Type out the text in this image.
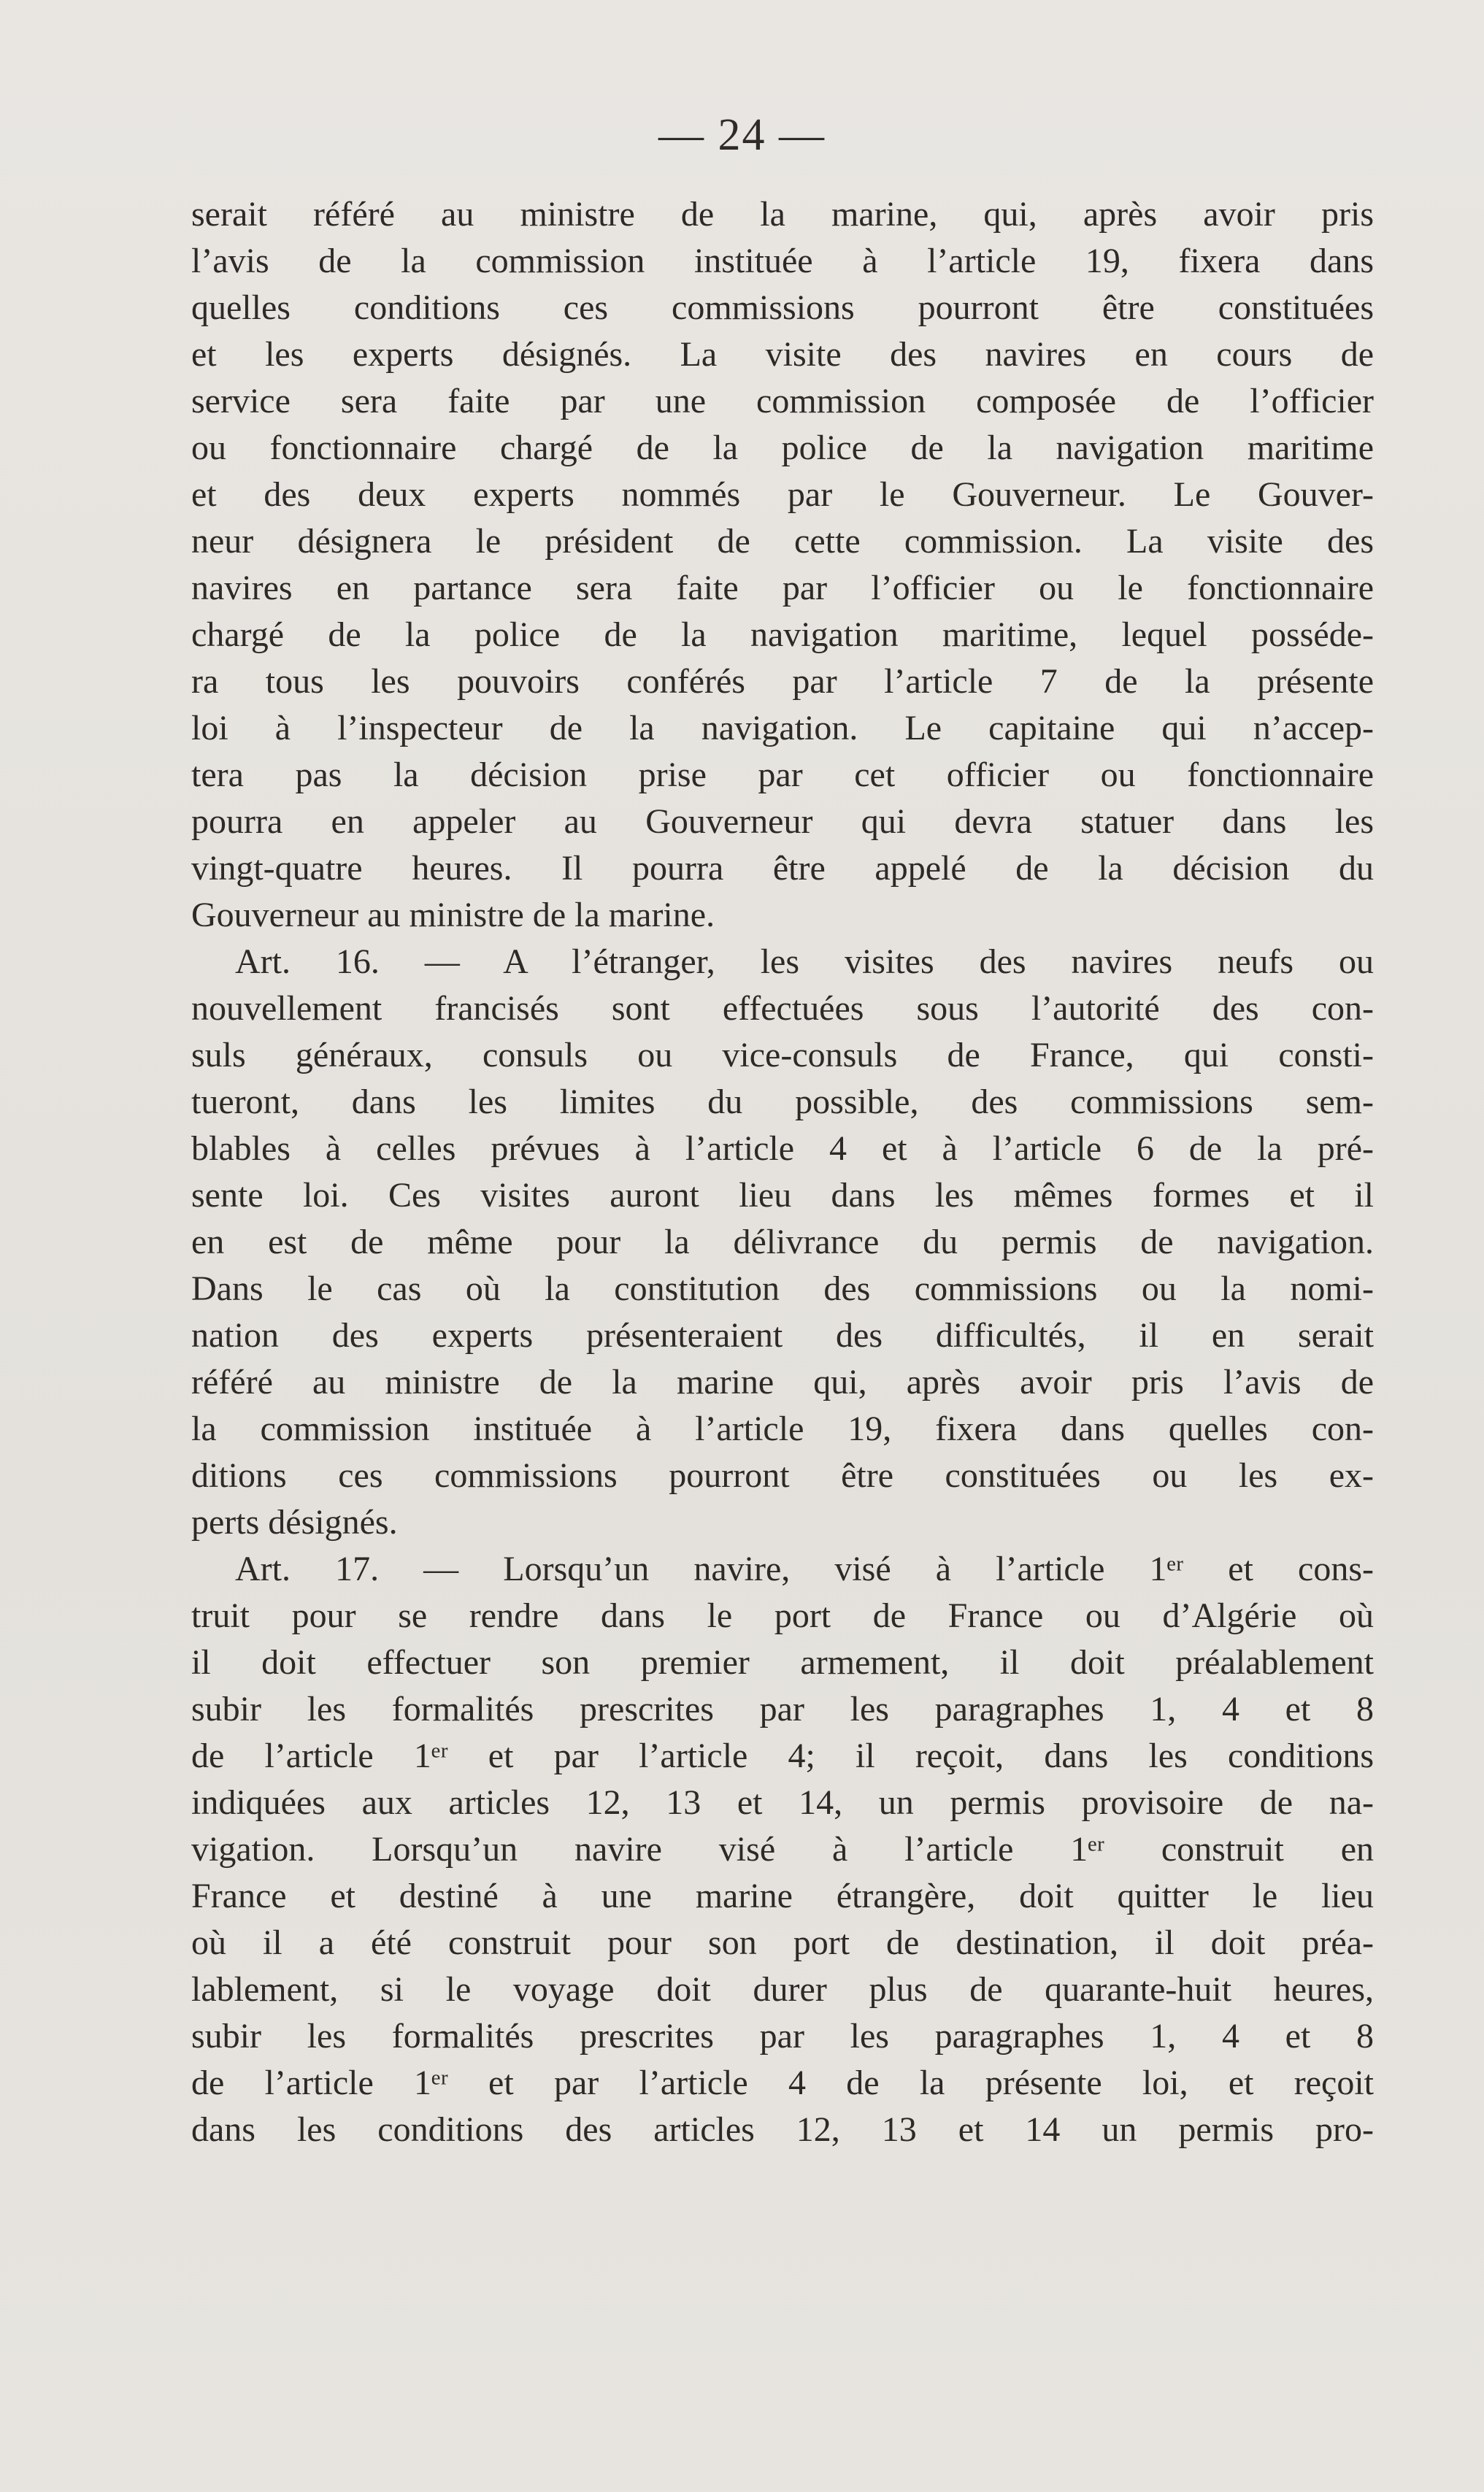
— 24 —
serait référé au ministre de la marine, qui, après avoir pris
l’avis de la commission instituée à l’article 19, fixera dans
quelles conditions ces commissions pourront être constituées
et les experts désignés. La visite des navires en cours de
service sera faite par une commission composée de l’officier
ou fonctionnaire chargé de la police de la navigation maritime
et des deux experts nommés par le Gouverneur. Le Gouver-
neur désignera le président de cette commission. La visite des
navires en partance sera faite par l’officier ou le fonctionnaire
chargé de la police de la navigation maritime, lequel posséde-
ra tous les pouvoirs conférés par l’article 7 de la présente
loi à l’inspecteur de la navigation. Le capitaine qui n’accep-
tera pas la décision prise par cet officier ou fonctionnaire
pourra en appeler au Gouverneur qui devra statuer dans les
vingt-quatre heures. Il pourra être appelé de la décision du
Gouverneur au ministre de la marine.
Art. 16. — A l’étranger, les visites des navires neufs ou
nouvellement francisés sont effectuées sous l’autorité des con-
suls généraux, consuls ou vice-consuls de France, qui consti-
tueront, dans les limites du possible, des commissions sem-
blables à celles prévues à l’article 4 et à l’article 6 de la pré-
sente loi. Ces visites auront lieu dans les mêmes formes et il
en est de même pour la délivrance du permis de navigation.
Dans le cas où la constitution des commissions ou la nomi-
nation des experts présenteraient des difficultés, il en serait
référé au ministre de la marine qui, après avoir pris l’avis de
la commission instituée à l’article 19, fixera dans quelles con-
ditions ces commissions pourront être constituées ou les ex-
perts désignés.
Art. 17. — Lorsqu’un navire, visé à l’article 1ᵉʳ et cons-
truit pour se rendre dans le port de France ou d’Algérie où
il doit effectuer son premier armement, il doit préalablement
subir les formalités prescrites par les paragraphes 1, 4 et 8
de l’article 1ᵉʳ et par l’article 4; il reçoit, dans les conditions
indiquées aux articles 12, 13 et 14, un permis provisoire de na-
vigation. Lorsqu’un navire visé à l’article 1ᵉʳ construit en
France et destiné à une marine étrangère, doit quitter le lieu
où il a été construit pour son port de destination, il doit préa-
lablement, si le voyage doit durer plus de quarante-huit heures,
subir les formalités prescrites par les paragraphes 1, 4 et 8
de l’article 1ᵉʳ et par l’article 4 de la présente loi, et reçoit
dans les conditions des articles 12, 13 et 14 un permis pro-
